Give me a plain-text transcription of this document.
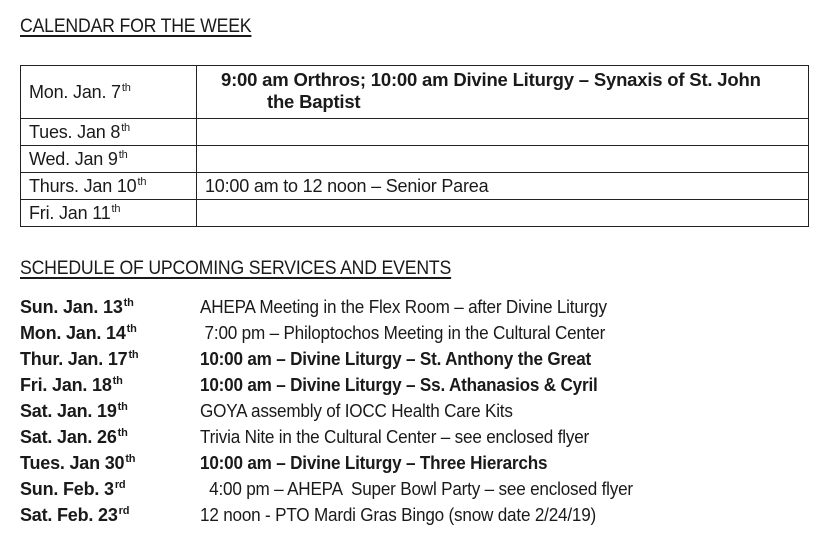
CALENDAR FOR THE WEEK
Mon. Jan. 7th	9:00 am Orthros; 10:00 am Divine Liturgy – Synaxis of St. John
the Baptist

Tues. Jan 8th	
Wed. Jan 9th	
Thurs. Jan 10th	10:00 am to 12 noon – Senior Parea
Fri. Jan 11th	
SCHEDULE OF UPCOMING SERVICES AND EVENTS
Sun. Jan. 13th	AHEPA Meeting in the Flex Room – after Divine Liturgy
Mon. Jan. 14th	7:00 pm – Philoptochos Meeting in the Cultural Center
Thur. Jan. 17th	10:00 am – Divine Liturgy – St. Anthony the Great
Fri. Jan. 18th	10:00 am – Divine Liturgy – Ss. Athanasios & Cyril
Sat. Jan. 19th	GOYA assembly of IOCC Health Care Kits
Sat. Jan. 26th	Trivia Nite in the Cultural Center – see enclosed flyer
Tues. Jan 30th	10:00 am – Divine Liturgy – Three Hierarchs
Sun. Feb. 3rd	4:00 pm – AHEPA  Super Bowl Party – see enclosed flyer
Sat. Feb. 23rd	12 noon - PTO Mardi Gras Bingo (snow date 2/24/19)
